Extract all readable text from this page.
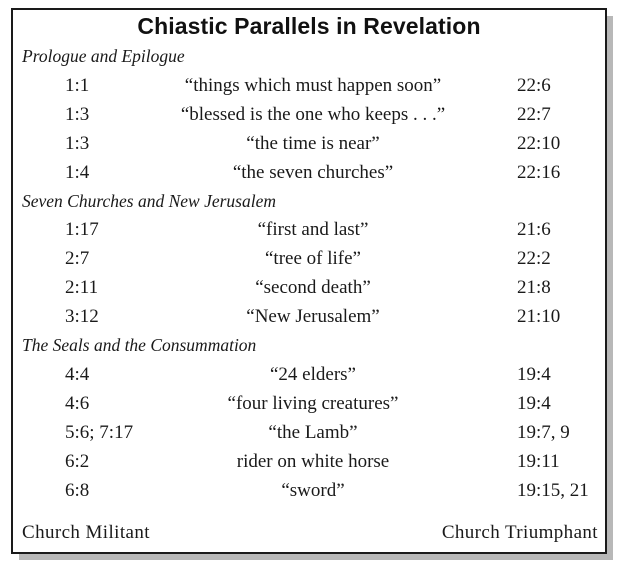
Chiastic Parallels in Revelation
Prologue and Epilogue
1:1	“things which must happen soon”	22:6
1:3	“blessed is the one who keeps . . .”	22:7
1:3	“the time is near”	22:10
1:4	“the seven churches”	22:16
Seven Churches and New Jerusalem
1:17	“first and last”	21:6
2:7	“tree of life”	22:2
2:11	“second death”	21:8
3:12	“New Jerusalem”	21:10
The Seals and the Consummation
4:4	“24 elders”	19:4
4:6	“four living creatures”	19:4
5:6; 7:17	“the Lamb”	19:7, 9
6:2	rider on white horse	19:11
6:8	“sword”	19:15, 21
Church Militant	Church Triumphant
